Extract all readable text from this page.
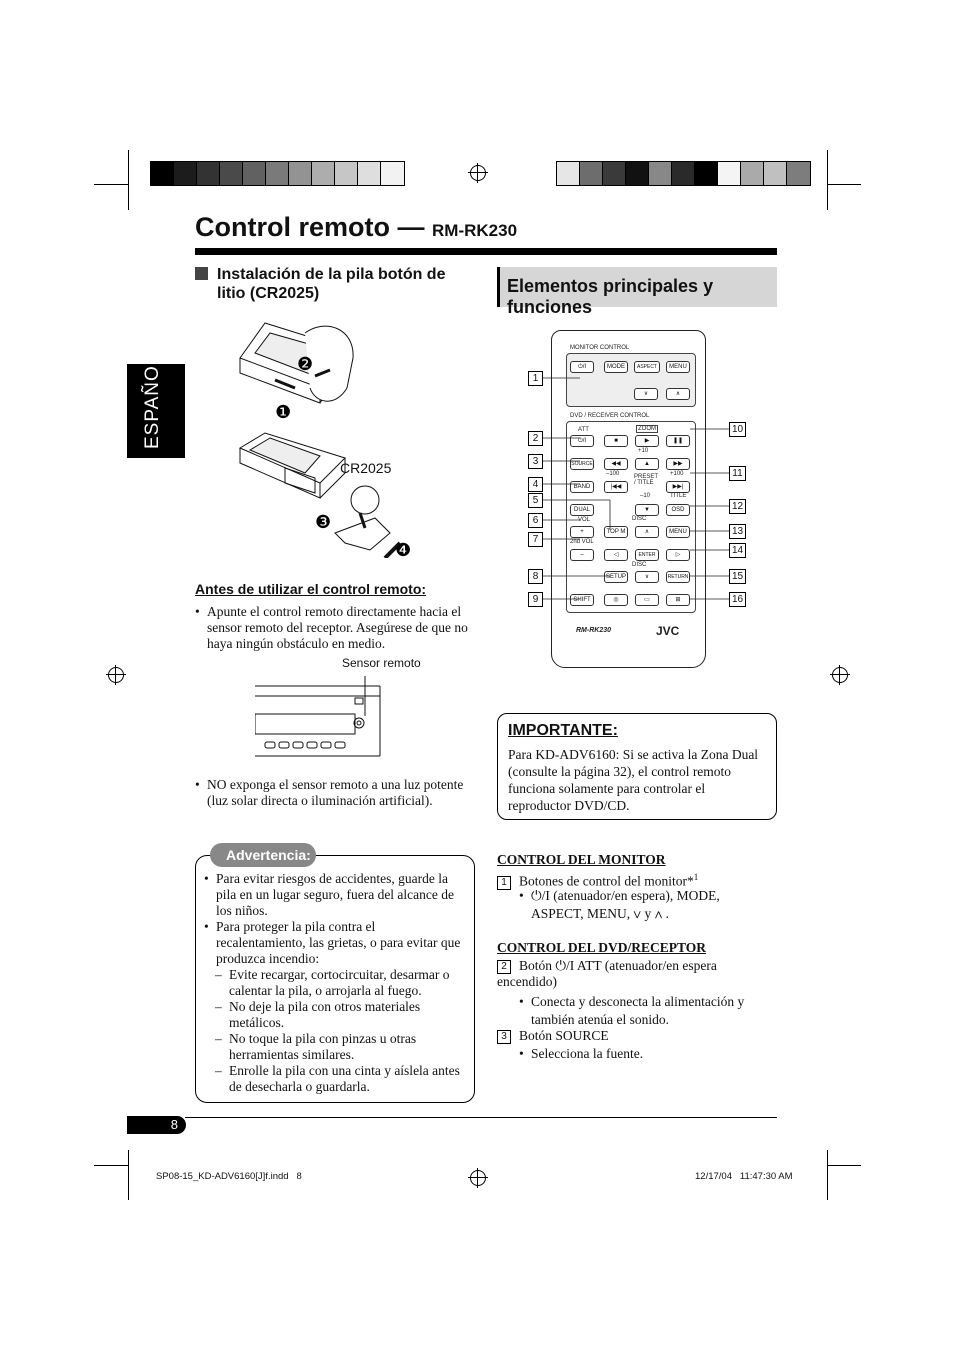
Control remoto — RM-RK230
ESPAÑOL
Instalación de la pila botón de litio (CR2025)
❷
❶
❸
❹
CR2025
Antes de utilizar el control remoto:
• Apunte el control remoto directamente hacia el sensor remoto del receptor. Asegúrese de que no haya ningún obstáculo en medio.
Sensor remoto
• NO exponga el sensor remoto a una luz potente (luz solar directa o iluminación artificial).
Advertencia:
• Para evitar riesgos de accidentes, guarde la pila en un lugar seguro, fuera del alcance de los niños.
• Para proteger la pila contra el recalentamiento, las grietas, o para evitar que produzca incendio:
– Evite recargar, cortocircuitar, desarmar o calentar la pila, o arrojarla al fuego.
– No deje la pila con otros materiales metálicos.
– No toque la pila con pinzas u otras herramientas similares.
– Enrolle la pila con una cinta y aíslela antes de desecharla o guardarla.
Elementos principales y funciones
MONITOR CONTROL
⏻/I	MODE	ASPECT	MENU
∨	∧
DVD / RECEIVER CONTROL
ATT
⏻/I
ZOOM
■	▶	❚❚
SOURCE
+10
◀◀	▲	▶▶
–100 PRESET / TITLE
+100
BAND	|◀◀	▶▶|
–10	TITLE
DUAL	▼	OSD
VOL	DISC
+	TOP M	∧	MENU
2nd VOL
–	◁	ENTER	▷
DISC
SETUP	∨	RETURN
SHIFT	◎	▭	⊞
RM-RK230	JVC
1
2
3
4
5
6
7
8
9
10
11
12
13
14
15
16
IMPORTANTE:
Para KD-ADV6160: Si se activa la Zona Dual (consulte la página 32), el control remoto funciona solamente para controlar el reproductor DVD/CD.
CONTROL DEL MONITOR
1 Botones de control del monitor*$^1$
• ⏻/I (atenuador/en espera), MODE, ASPECT, MENU, ∨ y ∧ .
CONTROL DEL DVD/RECEPTOR
2 Botón ⏻/I ATT (atenuador/en espera encendido)
• Conecta y desconecta la alimentación y también atenúa el sonido.
3 Botón SOURCE
• Selecciona la fuente.
8
SP08-15_KD-ADV6160[J]f.indd   8	12/17/04   11:47:30 AM
